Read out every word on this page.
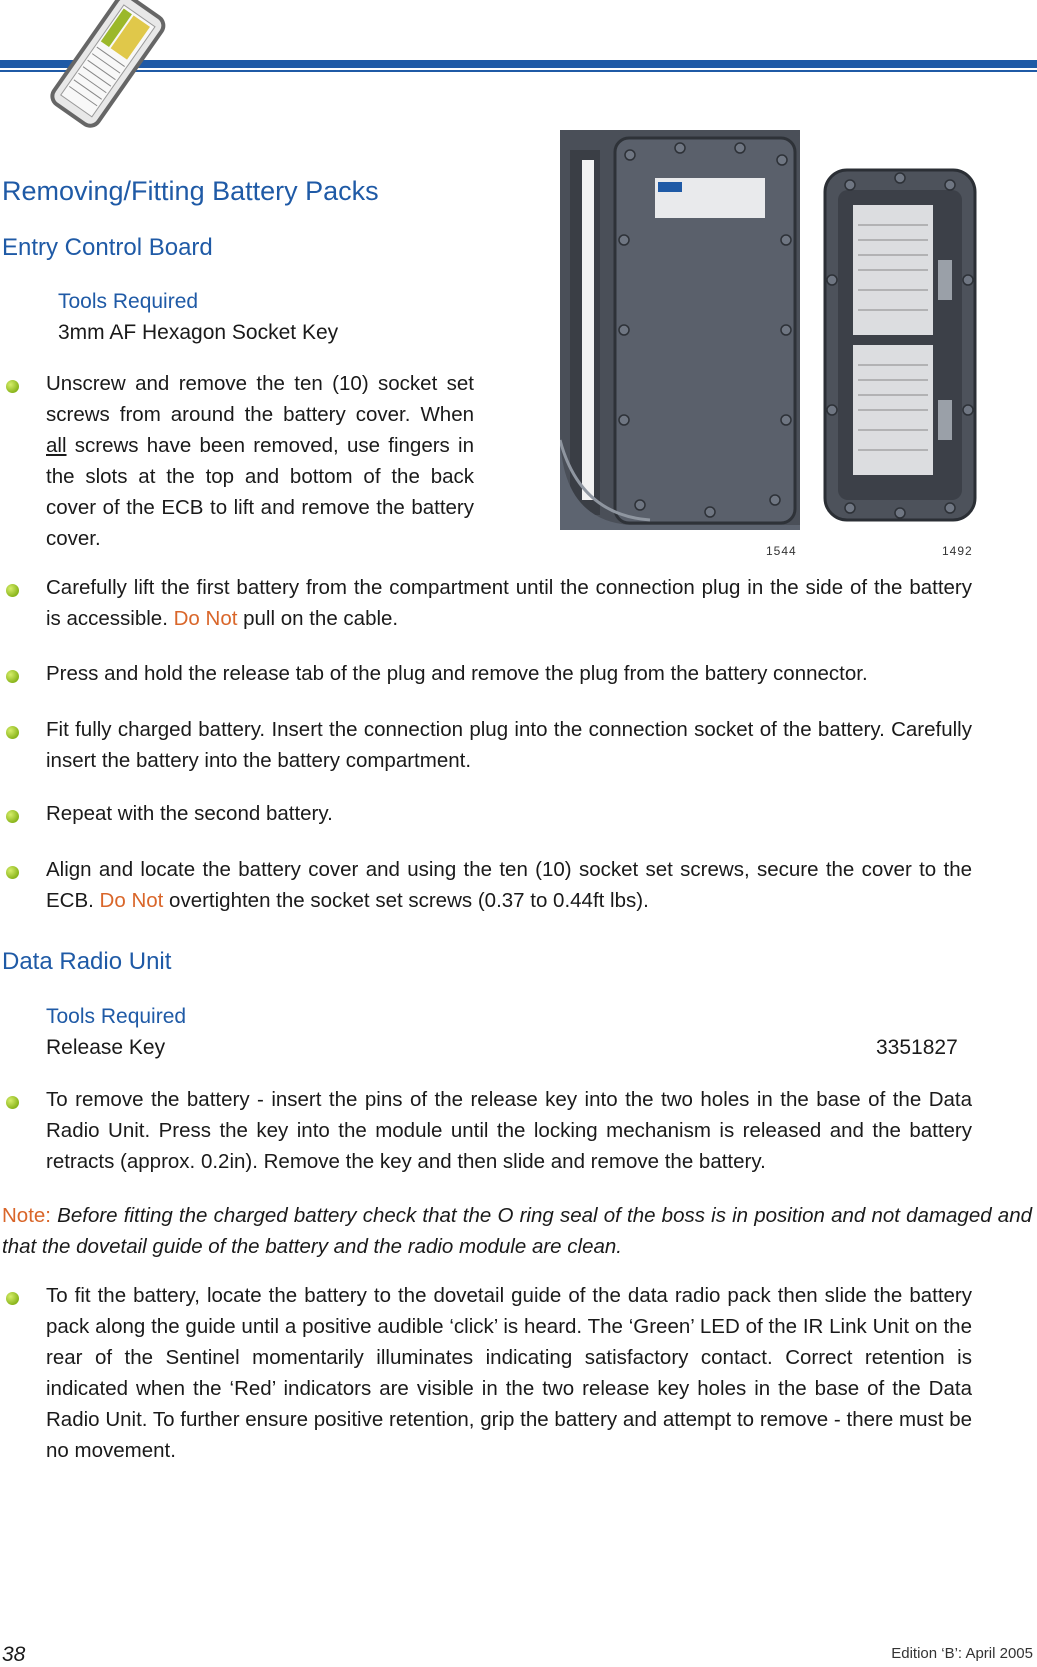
Removing/Fitting Battery Packs
Entry Control Board
Tools Required
3mm AF Hexagon Socket Key
1544	1492
Unscrew and remove the ten (10) socket set screws from around the battery cover. When all screws have been removed, use fingers in the slots at the top and bottom of the back cover of the ECB to lift and remove the battery cover.
Carefully lift the first battery from the compartment until the connection plug in the side of the battery is accessible. Do Not pull on the cable.
Press and hold the release tab of the plug and remove the plug from the battery connector.
Fit fully charged battery. Insert the connection plug into the connection socket of the battery. Carefully insert the battery into the battery compartment.
Repeat with the second battery.
Align and locate the battery cover and using the ten (10) socket set screws, secure the cover to the ECB. Do Not overtighten the socket set screws (0.37 to 0.44ft lbs).
Data Radio Unit
Tools Required
Release Key	3351827
To remove the battery - insert the pins of the release key into the two holes in the base of the Data Radio Unit. Press the key into the module until the locking mechanism is released and the battery retracts (approx. 0.2in). Remove the key and then slide and remove the battery.
Note: Before fitting the charged battery check that the O ring seal of the boss is in position and not damaged and that the dovetail guide of the battery and the radio module are clean.
To fit the battery, locate the battery to the dovetail guide of the data radio pack then slide the battery pack along the guide until a positive audible ‘click’ is heard. The ‘Green’ LED of the IR Link Unit on the rear of the Sentinel momentarily illuminates indicating satisfactory contact. Correct retention is indicated when the ‘Red’ indicators are visible in the two release key holes in the base of the Data Radio Unit. To further ensure positive retention, grip the battery and attempt to remove - there must be no movement.
38	Edition ‘B’: April 2005
